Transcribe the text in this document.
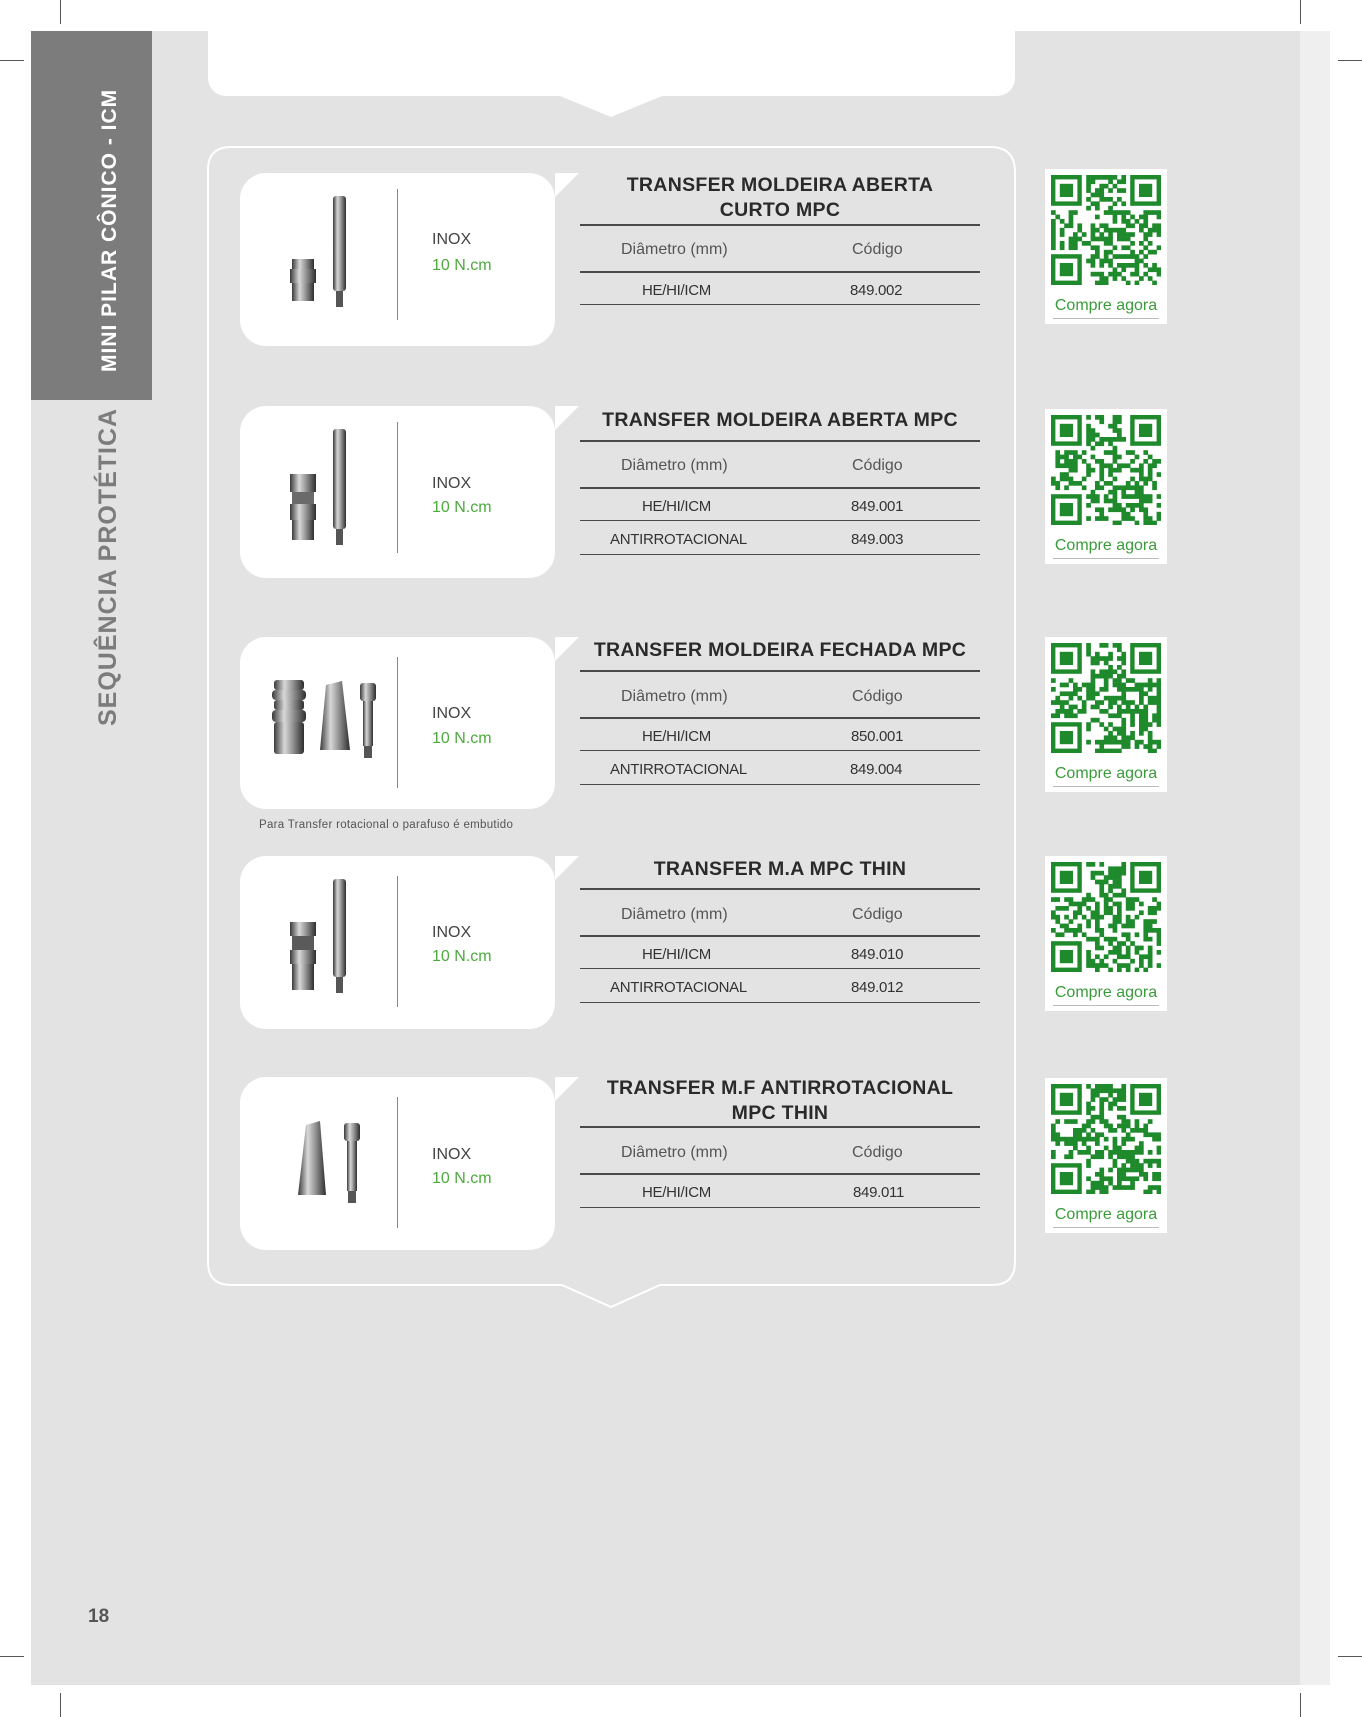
MINI PILAR CÔNICO - ICM
SEQUÊNCIA PROTÉTICA
INOX
10 N.cm
TRANSFER MOLDEIRA ABERTA
CURTO MPC
Diâmetro (mm)	Código
HE/HI/ICM	849.002
Compre agora
INOX
10 N.cm
TRANSFER MOLDEIRA ABERTA MPC
Diâmetro (mm)	Código
HE/HI/ICM	849.001
ANTIRROTACIONAL	849.003	Compre agora
INOX
10 N.cm
TRANSFER MOLDEIRA FECHADA MPC
Diâmetro (mm)	Código
HE/HI/ICM	850.001
ANTIRROTACIONAL	849.004	Compre agora
Para Transfer rotacional o parafuso é embutido
INOX
10 N.cm
TRANSFER M.A MPC THIN
Diâmetro (mm)	Código
HE/HI/ICM	849.010
ANTIRROTACIONAL	849.012	Compre agora
INOX
10 N.cm
TRANSFER M.F ANTIRROTACIONAL
MPC THIN
Diâmetro (mm)	Código
HE/HI/ICM	849.011
Compre agora
18
